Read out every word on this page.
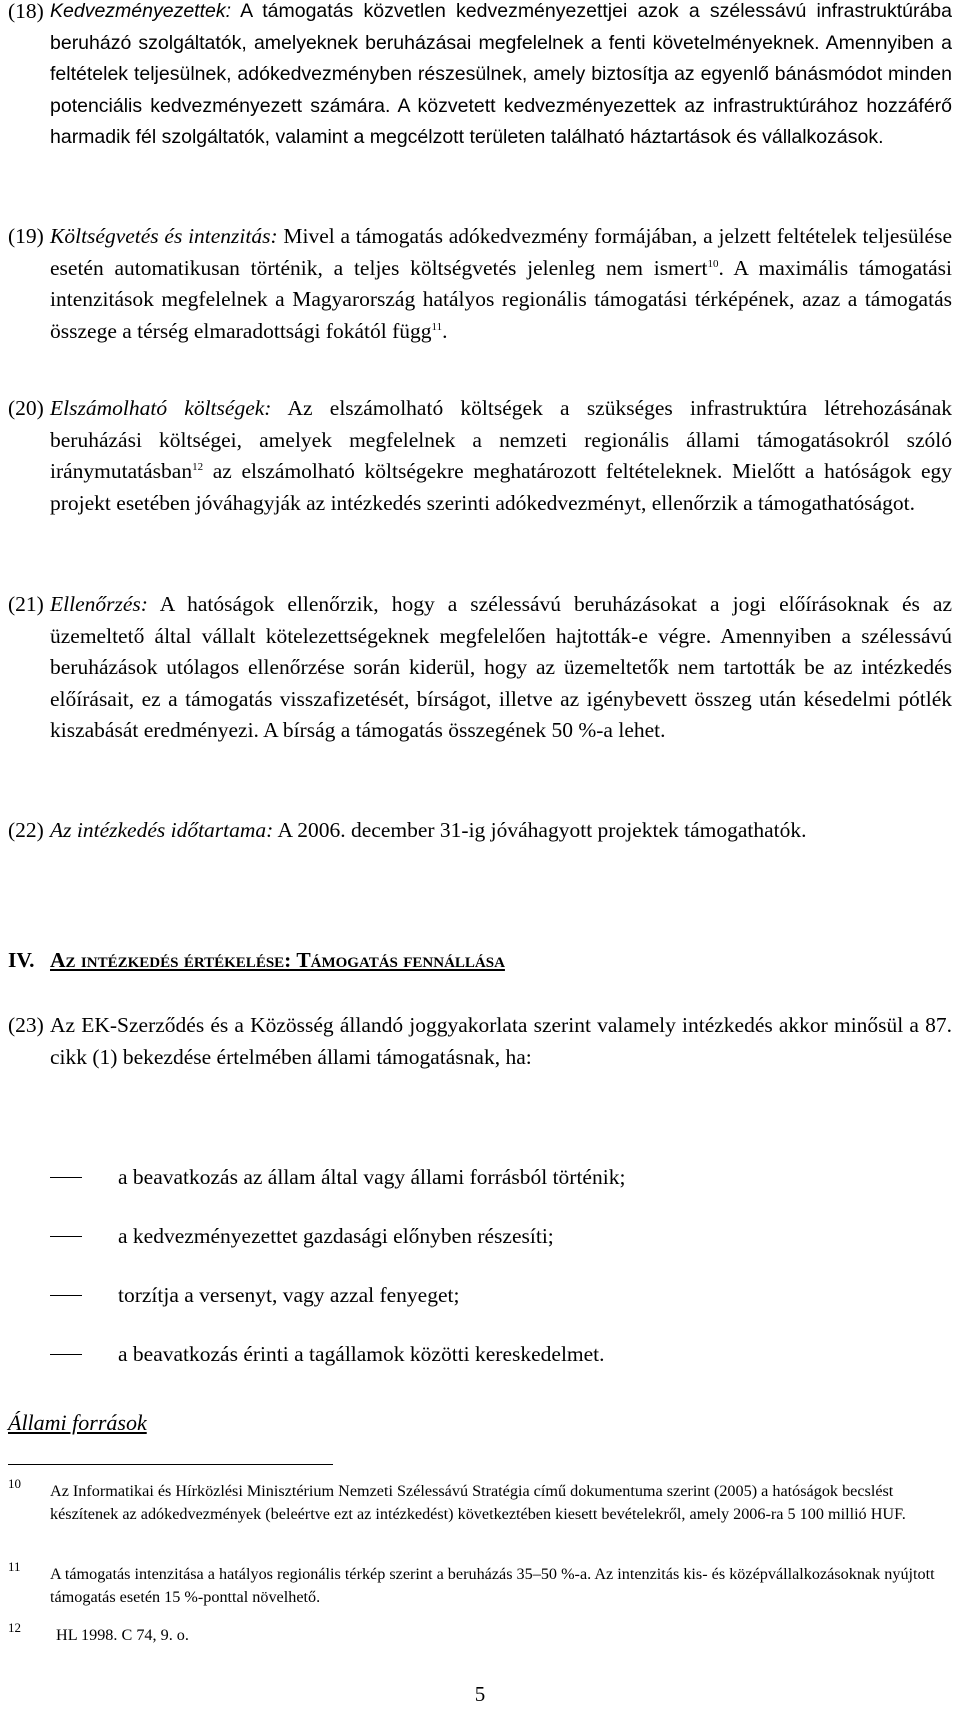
(18) Kedvezményezettek: A támogatás közvetlen kedvezményezettjei azok a szélessávú infrastruktúrába beruházó szolgáltatók, amelyeknek beruházásai megfelelnek a fenti követelményeknek. Amennyiben a feltételek teljesülnek, adókedvezményben részesülnek, amely biztosítja az egyenlő bánásmódot minden potenciális kedvezményezett számára. A közvetett kedvezményezettek az infrastruktúrához hozzáférő harmadik fél szolgáltatók, valamint a megcélzott területen található háztartások és vállalkozások.
(19) Költségvetés és intenzitás: Mivel a támogatás adókedvezmény formájában, a jelzett feltételek teljesülése esetén automatikusan történik, a teljes költségvetés jelenleg nem ismert$^{10}$. A maximális támogatási intenzitások megfelelnek a Magyarország hatályos regionális támogatási térképének, azaz a támogatás összege a térség elmaradottsági fokától függ$^{11}$.
(20) Elszámolható költségek: Az elszámolható költségek a szükséges infrastruktúra létrehozásának beruházási költségei, amelyek megfelelnek a nemzeti regionális állami támogatásokról szóló iránymutatásban$^{12}$ az elszámolható költségekre meghatározott feltételeknek. Mielőtt a hatóságok egy projekt esetében jóváhagyják az intézkedés szerinti adókedvezményt, ellenőrzik a támogathatóságot.
(21) Ellenőrzés: A hatóságok ellenőrzik, hogy a szélessávú beruházásokat a jogi előírásoknak és az üzemeltető által vállalt kötelezettségeknek megfelelően hajtották-e végre. Amennyiben a szélessávú beruházások utólagos ellenőrzése során kiderül, hogy az üzemeltetők nem tartották be az intézkedés előírásait, ez a támogatás visszafizetését, bírságot, illetve az igénybevett összeg után késedelmi pótlék kiszabását eredményezi. A bírság a támogatás összegének 50 %-a lehet.
(22) Az intézkedés időtartama: A 2006. december 31-ig jóváhagyott projektek támogathatók.
IV. Az intézkedés értékelése: Támogatás fennállása
(23) Az EK-Szerződés és a Közösség állandó joggyakorlata szerint valamely intézkedés akkor minősül a 87. cikk (1) bekezdése értelmében állami támogatásnak, ha:
a beavatkozás az állam által vagy állami forrásból történik;
a kedvezményezettet gazdasági előnyben részesíti;
torzítja a versenyt, vagy azzal fenyeget;
a beavatkozás érinti a tagállamok közötti kereskedelmet.
Állami források
10 Az Informatikai és Hírközlési Minisztérium Nemzeti Szélessávú Stratégia című dokumentuma szerint (2005) a hatóságok becslést készítenek az adókedvezmények (beleértve ezt az intézkedést) következtében kiesett bevételekről, amely 2006-ra 5 100 millió HUF.
11 A támogatás intenzitása a hatályos regionális térkép szerint a beruházás 35–50 %-a. Az intenzitás kis- és középvállalkozásoknak nyújtott támogatás esetén 15 %-ponttal növelhető.
12 HL 1998. C 74, 9. o.
5
